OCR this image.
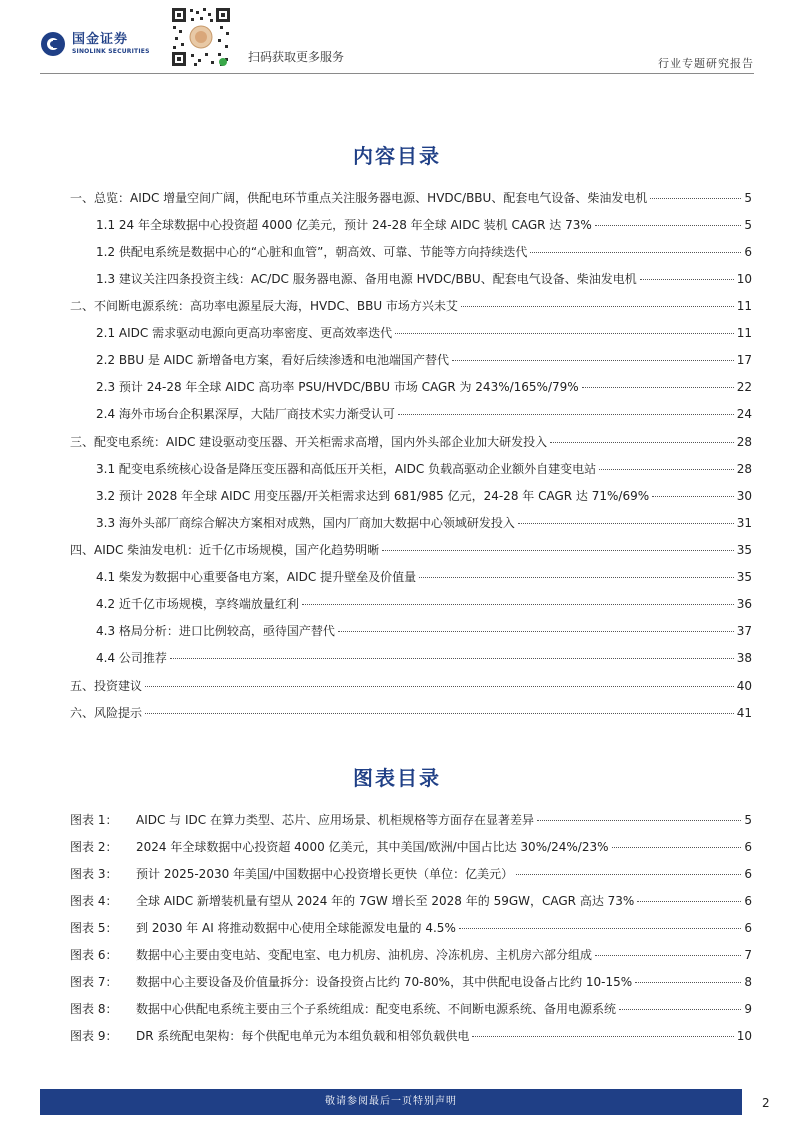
国金证券
SINOLINK SECURITIES	扫码获取更多服务	行业专题研究报告
内容目录
一、总览：AIDC 增量空间广阔，供配电环节重点关注服务器电源、HVDC/BBU、配套电气设备、柴油发电机	5
1.1 24 年全球数据中心投资超 4000 亿美元，预计 24-28 年全球 AIDC 装机 CAGR 达 73%	5
1.2 供配电系统是数据中心的“心脏和血管”，朝高效、可靠、节能等方向持续迭代	6
1.3 建议关注四条投资主线：AC/DC 服务器电源、备用电源 HVDC/BBU、配套电气设备、柴油发电机	10
二、不间断电源系统：高功率电源星辰大海，HVDC、BBU 市场方兴未艾	11
2.1 AIDC 需求驱动电源向更高功率密度、更高效率迭代	11
2.2 BBU 是 AIDC 新增备电方案，看好后续渗透和电池端国产替代	17
2.3 预计 24-28 年全球 AIDC 高功率 PSU/HVDC/BBU 市场 CAGR 为 243%/165%/79%	22
2.4 海外市场台企积累深厚，大陆厂商技术实力渐受认可	24
三、配变电系统：AIDC 建设驱动变压器、开关柜需求高增，国内外头部企业加大研发投入	28
3.1 配变电系统核心设备是降压变压器和高低压开关柜，AIDC 负载高驱动企业额外自建变电站	28
3.2 预计 2028 年全球 AIDC 用变压器/开关柜需求达到 681/985 亿元，24-28 年 CAGR 达 71%/69%	30
3.3 海外头部厂商综合解决方案相对成熟，国内厂商加大数据中心领域研发投入	31
四、AIDC 柴油发电机：近千亿市场规模，国产化趋势明晰	35
4.1 柴发为数据中心重要备电方案，AIDC 提升壁垒及价值量	35
4.2 近千亿市场规模，享终端放量红利	36
4.3 格局分析：进口比例较高，亟待国产替代	37
4.4 公司推荐	38
五、投资建议	40
六、风险提示	41
图表目录
图表 1：	AIDC 与 IDC 在算力类型、芯片、应用场景、机柜规格等方面存在显著差异	5
图表 2：	2024 年全球数据中心投资超 4000 亿美元，其中美国/欧洲/中国占比达 30%/24%/23%	6
图表 3：	预计 2025-2030 年美国/中国数据中心投资增长更快（单位：亿美元）	6
图表 4：	全球 AIDC 新增装机量有望从 2024 年的 7GW 增长至 2028 年的 59GW，CAGR 高达 73%	6
图表 5：	到 2030 年 AI 将推动数据中心使用全球能源发电量的 4.5%	6
图表 6：	数据中心主要由变电站、变配电室、电力机房、油机房、冷冻机房、主机房六部分组成	7
图表 7：	数据中心主要设备及价值量拆分：设备投资占比约 70-80%，其中供配电设备占比约 10-15%	8
图表 8：	数据中心供配电系统主要由三个子系统组成：配变电系统、不间断电源系统、备用电源系统	9
图表 9：	DR 系统配电架构：每个供配电单元为本组负载和相邻负载供电	10
敬请参阅最后一页特别声明	2
